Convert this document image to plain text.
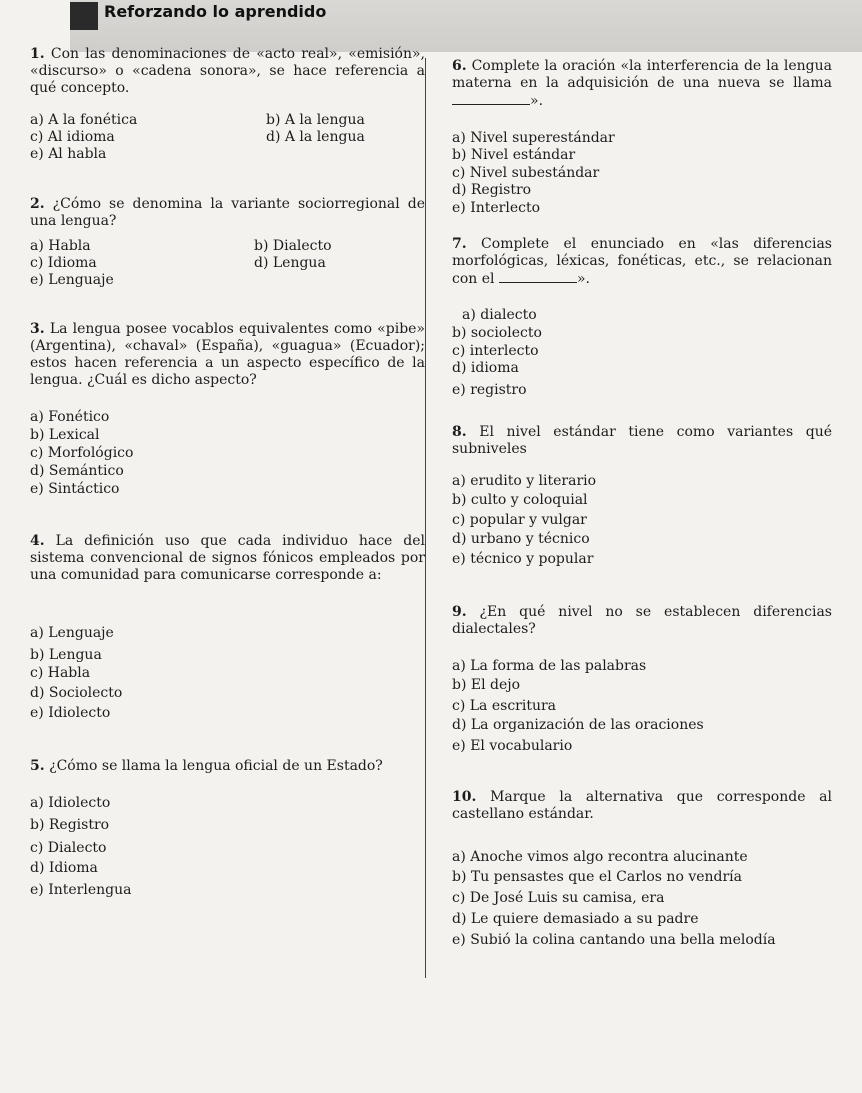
Reforzando lo aprendido
1. Con las denominaciones de «acto real», «emisión», «discurso» o «cadena sonora», se hace referencia a qué concepto.
a) A la fonética	b) A la lengua
c) Al idioma	d) A la lengua
e) Al habla
2. ¿Cómo se denomina la variante sociorregional de una lengua?
a) Habla	b) Dialecto
c) Idioma	d) Lengua
e) Lenguaje
3. La lengua posee vocablos equivalentes como «pibe» (Argentina), «chaval» (España), «guagua» (Ecuador); estos hacen referencia a un aspecto específico de la lengua. ¿Cuál es dicho aspecto?
a) Fonético
b) Lexical
c) Morfológico
d) Semántico
e) Sintáctico
4. La definición uso que cada individuo hace del sistema convencional de signos fónicos empleados por una comunidad para comunicarse corresponde a:
a) Lenguaje
b) Lengua
c) Habla
d) Sociolecto
e) Idiolecto
5. ¿Cómo se llama la lengua oficial de un Estado?
a) Idiolecto
b) Registro
c) Dialecto
d) Idioma
e) Interlengua
6. Complete la oración «la interferencia de la lengua materna en la adquisición de una nueva se llama ».
a) Nivel superestándar
b) Nivel estándar
c) Nivel subestándar
d) Registro
e) Interlecto
7. Complete el enunciado en «las diferencias morfológicas, léxicas, fonéticas, etc., se relacionan con el	».
a) dialecto
b) sociolecto
c) interlecto
d) idioma
e) registro
8. El nivel estándar tiene como variantes qué subniveles
a) erudito y literario
b) culto y coloquial
c) popular y vulgar
d) urbano y técnico
e) técnico y popular
9. ¿En qué nivel no se establecen diferencias dialectales?
a) La forma de las palabras
b) El dejo
c) La escritura
d) La organización de las oraciones
e) El vocabulario
10. Marque la alternativa que corresponde al castellano estándar.
a) Anoche vimos algo recontra alucinante
b) Tu pensastes que el Carlos no vendría
c) De José Luis su camisa, era
d) Le quiere demasiado a su padre
e) Subió la colina cantando una bella melodía
